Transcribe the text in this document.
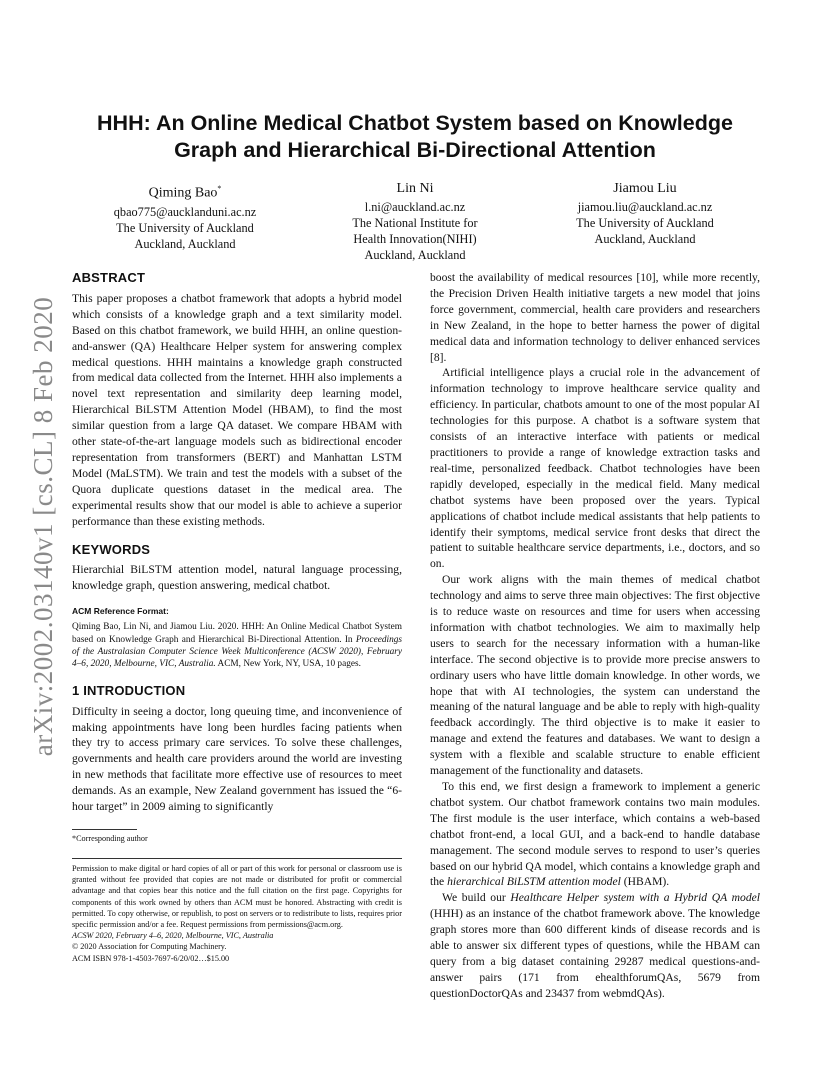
arXiv:2002.03140v1 [cs.CL] 8 Feb 2020
HHH: An Online Medical Chatbot System based on Knowledge Graph and Hierarchical Bi-Directional Attention
Qiming Bao*
qbao775@aucklanduni.ac.nz
The University of Auckland
Auckland, Auckland
Lin Ni
l.ni@auckland.ac.nz
The National Institute for Health Innovation(NIHI)
Auckland, Auckland
Jiamou Liu
jiamou.liu@auckland.ac.nz
The University of Auckland
Auckland, Auckland
ABSTRACT

This paper proposes a chatbot framework that adopts a hybrid model which consists of a knowledge graph and a text similarity model. Based on this chatbot framework, we build HHH, an online question-and-answer (QA) Healthcare Helper system for answering complex medical questions. HHH maintains a knowledge graph constructed from medical data collected from the Internet. HHH also implements a novel text representation and similarity deep learning model, Hierarchical BiLSTM Attention Model (HBAM), to find the most similar question from a large QA dataset. We compare HBAM with other state-of-the-art language models such as bidirectional encoder representation from transformers (BERT) and Manhattan LSTM Model (MaLSTM). We train and test the models with a subset of the Quora duplicate questions dataset in the medical area. The experimental results show that our model is able to achieve a superior performance than these existing methods.

KEYWORDS

Hierarchial BiLSTM attention model, natural language processing, knowledge graph, question answering, medical chatbot.

ACM Reference Format:
Qiming Bao, Lin Ni, and Jiamou Liu. 2020. HHH: An Online Medical Chatbot System based on Knowledge Graph and Hierarchical Bi-Directional Attention. In Proceedings of the Australasian Computer Science Week Multiconference (ACSW 2020), February 4–6, 2020, Melbourne, VIC, Australia. ACM, New York, NY, USA, 10 pages.
1 INTRODUCTION

Difficulty in seeing a doctor, long queuing time, and inconvenience of making appointments have long been hurdles facing patients when they try to access primary care services. To solve these challenges, governments and health care providers around the world are investing in new methods that facilitate more effective use of resources to meet demands. As an example, New Zealand government has issued the “6-hour target” in 2009 aiming to significantly

*Corresponding author
Permission to make digital or hard copies of all or part of this work for personal or classroom use is granted without fee provided that copies are not made or distributed for profit or commercial advantage and that copies bear this notice and the full citation on the first page. Copyrights for components of this work owned by others than ACM must be honored. Abstracting with credit is permitted. To copy otherwise, or republish, to post on servers or to redistribute to lists, requires prior specific permission and/or a fee. Request permissions from permissions@acm.org.
ACSW 2020, February 4–6, 2020, Melbourne, VIC, Australia
© 2020 Association for Computing Machinery.
ACM ISBN 978-1-4503-7697-6/20/02…$15.00

boost the availability of medical resources [10], while more recently, the Precision Driven Health initiative targets a new model that joins force government, commercial, health care providers and researchers in New Zealand, in the hope to better harness the power of digital medical data and information technology to deliver enhanced services [8].

Artificial intelligence plays a crucial role in the advancement of information technology to improve healthcare service quality and efficiency. In particular, chatbots amount to one of the most popular AI technologies for this purpose. A chatbot is a software system that consists of an interactive interface with patients or medical practitioners to provide a range of knowledge extraction tasks and real-time, personalized feedback. Chatbot technologies have been rapidly developed, especially in the medical field. Many medical chatbot systems have been proposed over the years. Typical applications of chatbot include medical assistants that help patients to identify their symptoms, medical service front desks that direct the patient to suitable healthcare service departments, i.e., doctors, and so on.

Our work aligns with the main themes of medical chatbot technology and aims to serve three main objectives: The first objective is to reduce waste on resources and time for users when accessing information with chatbot technologies. We aim to maximally help users to search for the necessary information with a human-like interface. The second objective is to provide more precise answers to ordinary users who have little domain knowledge. In other words, we hope that with AI technologies, the system can understand the meaning of the natural language and be able to reply with high-quality feedback accordingly. The third objective is to make it easier to manage and extend the features and databases. We want to design a system with a flexible and scalable structure to enable efficient management of the functionality and datasets.

To this end, we first design a framework to implement a generic chatbot system. Our chatbot framework contains two main modules. The first module is the user interface, which contains a web-based chatbot front-end, a local GUI, and a back-end to handle database management. The second module serves to respond to user’s queries based on our hybrid QA model, which contains a knowledge graph and the hierarchical BiLSTM attention model (HBAM).

We build our Healthcare Helper system with a Hybrid QA model (HHH) as an instance of the chatbot framework above. The knowledge graph stores more than 600 different kinds of disease records and is able to answer six different types of questions, while the HBAM can query from a big dataset containing 29287 medical questions-and-answer pairs (171 from ehealthforumQAs, 5679 from questionDoctorQAs and 23437 from webmdQAs).
